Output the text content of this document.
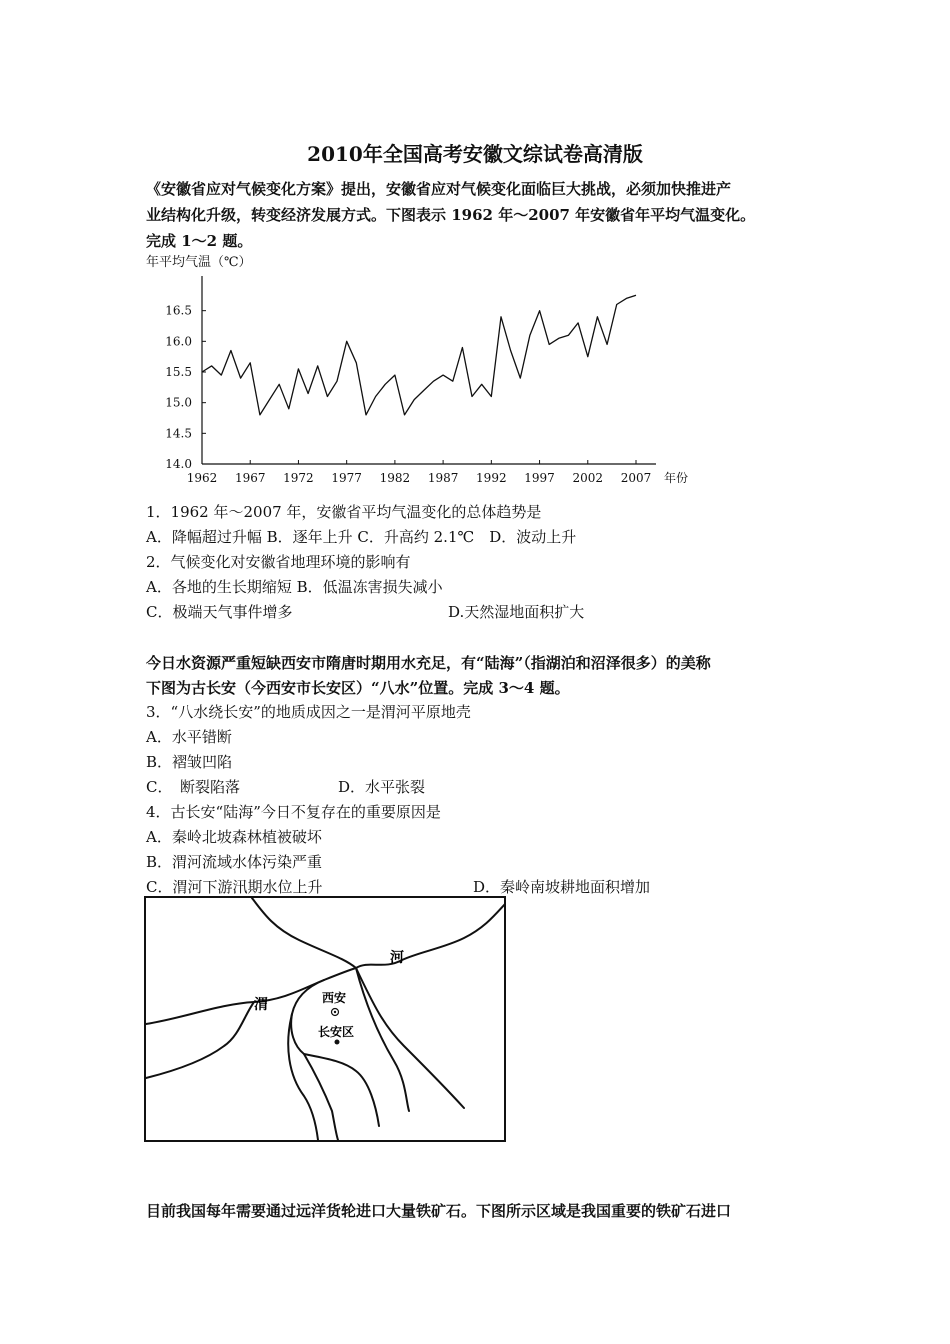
2010年全国高考安徽文综试卷高清版
《安徽省应对气候变化方案》提出，安徽省应对气候变化面临巨大挑战，必须加快推进产
业结构化升级，转变经济发展方式。下图表示 1962 年～2007 年安徽省年平均气温变化。
完成 1～2 题。
14.0
14.5
15.0
15.5
16.0
16.5
1962 1967 1972 1977 1982 1987 1992 1997 2002 2007
年平均气温（℃）
年份
1．1962 年～2007 年，安徽省平均气温变化的总体趋势是
A．降幅超过升幅 B．逐年上升 C．升高约 2.1℃　D．波动上升
2．气候变化对安徽省地理环境的影响有
A．各地的生长期缩短 B．低温冻害损失减小
C．极端天气事件增多	D.天然湿地面积扩大
今日水资源严重短缺西安市隋唐时期用水充足，有“陆海”（指湖泊和沼泽很多）的美称
下图为古长安（今西安市长安区）“八水”位置。完成 3～4 题。
3．“八水绕长安”的地质成因之一是渭河平原地壳
A．水平错断
B．褶皱凹陷
C．　断裂陷落	D．水平张裂
4．古长安“陆海”今日不复存在的重要原因是
A．秦岭北坡森林植被破坏
B．渭河流域水体污染严重
C．渭河下游汛期水位上升	D．秦岭南坡耕地面积增加
渭
河
西安
长安区
目前我国每年需要通过远洋货轮进口大量铁矿石。下图所示区域是我国重要的铁矿石进口
